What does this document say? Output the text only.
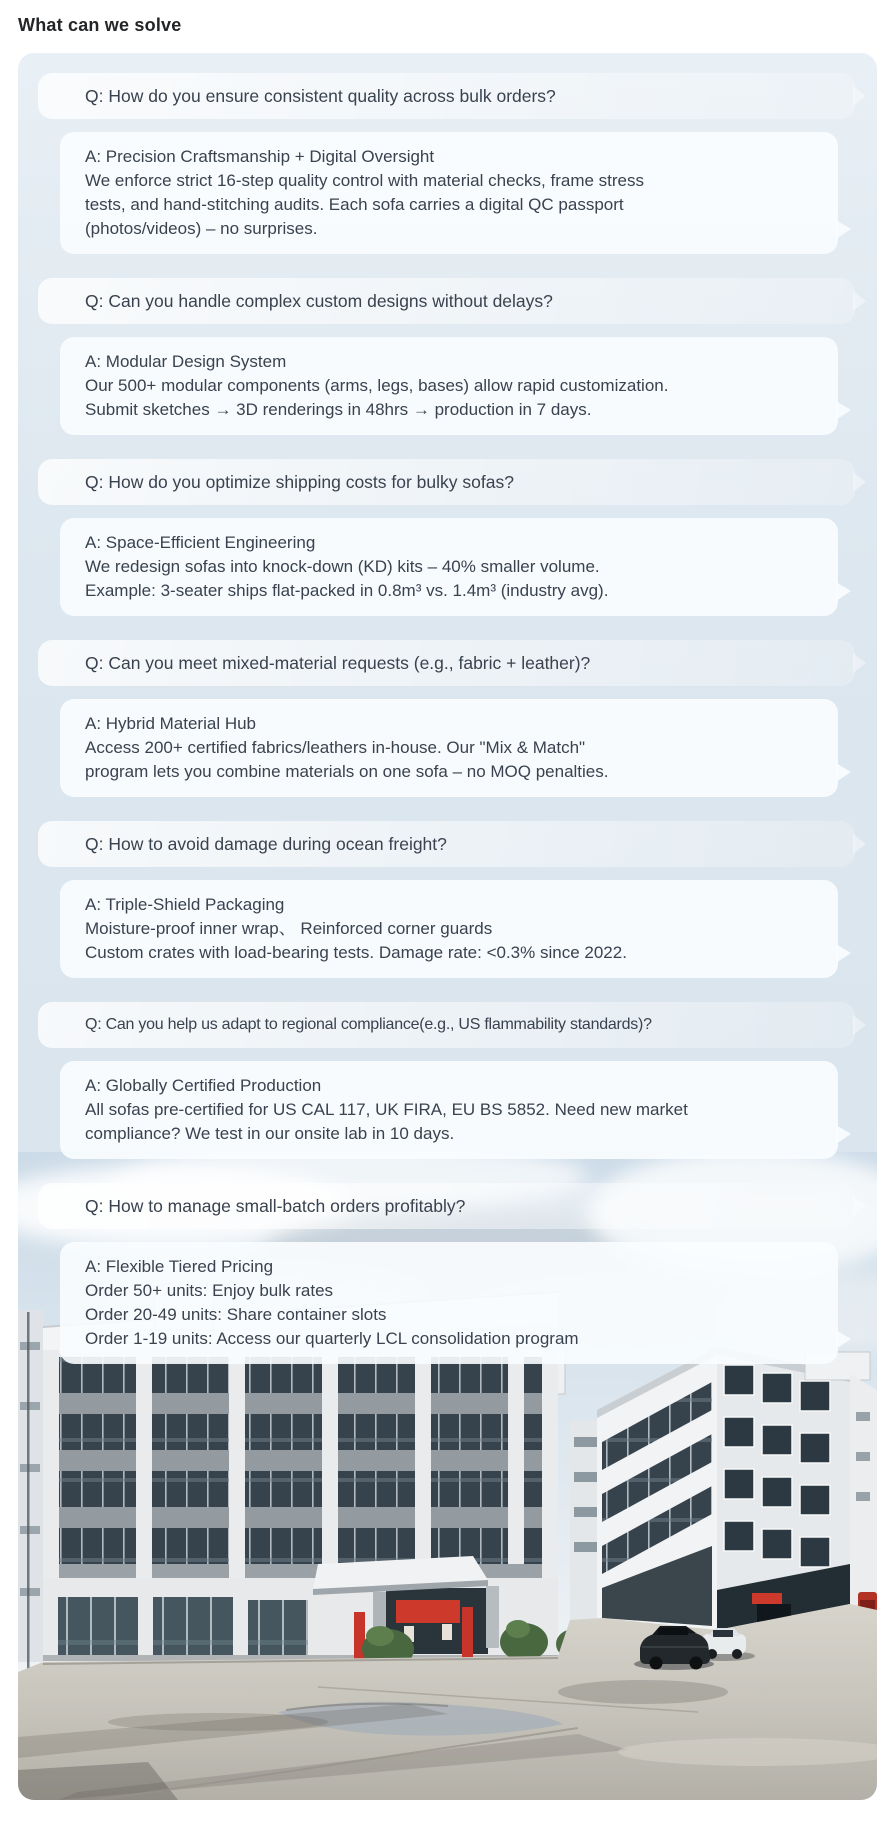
What can we solve
Q: How do you ensure consistent quality across bulk orders?
A: Precision Craftsmanship + Digital Oversight
We enforce strict 16-step quality control with material checks, frame stress
tests, and hand-stitching audits. Each sofa carries a digital QC passport
(photos/videos) – no surprises.
Q: Can you handle complex custom designs without delays?
A: Modular Design System
Our 500+ modular components (arms, legs, bases) allow rapid customization.
Submit sketches → 3D renderings in 48hrs → production in 7 days.
Q: How do you optimize shipping costs for bulky sofas?
A: Space-Efficient Engineering
We redesign sofas into knock-down (KD) kits – 40% smaller volume.
Example: 3-seater ships flat-packed in 0.8m³ vs. 1.4m³ (industry avg).
Q: Can you meet mixed-material requests (e.g., fabric + leather)?
A: Hybrid Material Hub
Access 200+ certified fabrics/leathers in-house. Our "Mix & Match"
program lets you combine materials on one sofa – no MOQ penalties.
Q: How to avoid damage during ocean freight?
A: Triple-Shield Packaging
Moisture-proof inner wrap、 Reinforced corner guards
Custom crates with load-bearing tests. Damage rate: <0.3% since 2022.
Q: Can you help us adapt to regional compliance(e.g., US flammability standards)?
A: Globally Certified Production
All sofas pre-certified for US CAL 117, UK FIRA, EU BS 5852. Need new market
compliance? We test in our onsite lab in 10 days.
Q: How to manage small-batch orders profitably?
A: Flexible Tiered Pricing
Order 50+ units: Enjoy bulk rates
Order 20-49 units: Share container slots
Order 1-19 units: Access our quarterly LCL consolidation program
